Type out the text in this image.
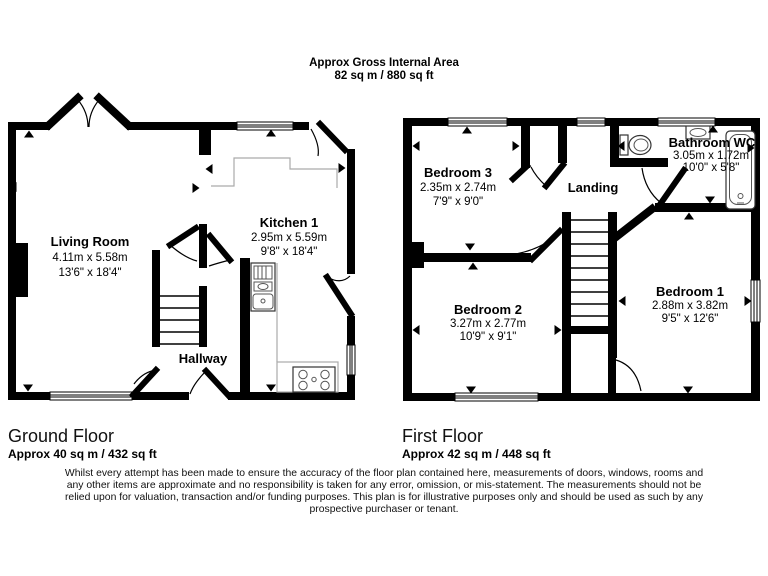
Approx Gross Internal Area
82 sq m / 880 sq ft
Living Room
4.11m x 5.58m
13'6" x 18'4"
Kitchen 1
2.95m x 5.59m
9'8" x 18'4"
Hallway
Bedroom 3
2.35m x 2.74m
7'9" x 9'0"
Landing
Bathroom WC
3.05m x 1.72m
10'0" x 5'8"
Bedroom 2
3.27m x 2.77m
10'9" x 9'1"
Bedroom 1
2.88m x 3.82m
9'5" x 12'6"
Ground Floor
Approx 40 sq m / 432 sq ft
First Floor
Approx 42 sq m / 448 sq ft
Whilst every attempt has been made to ensure the accuracy of the floor plan contained here, measurements of doors, windows, rooms and any other items are approximate and no responsibility is taken for any error, omission, or mis-statement. The measurements should not be relied upon for valuation, transaction and/or funding purposes. This plan is for illustrative purposes only and should be used as such by any prospective purchaser or tenant.
